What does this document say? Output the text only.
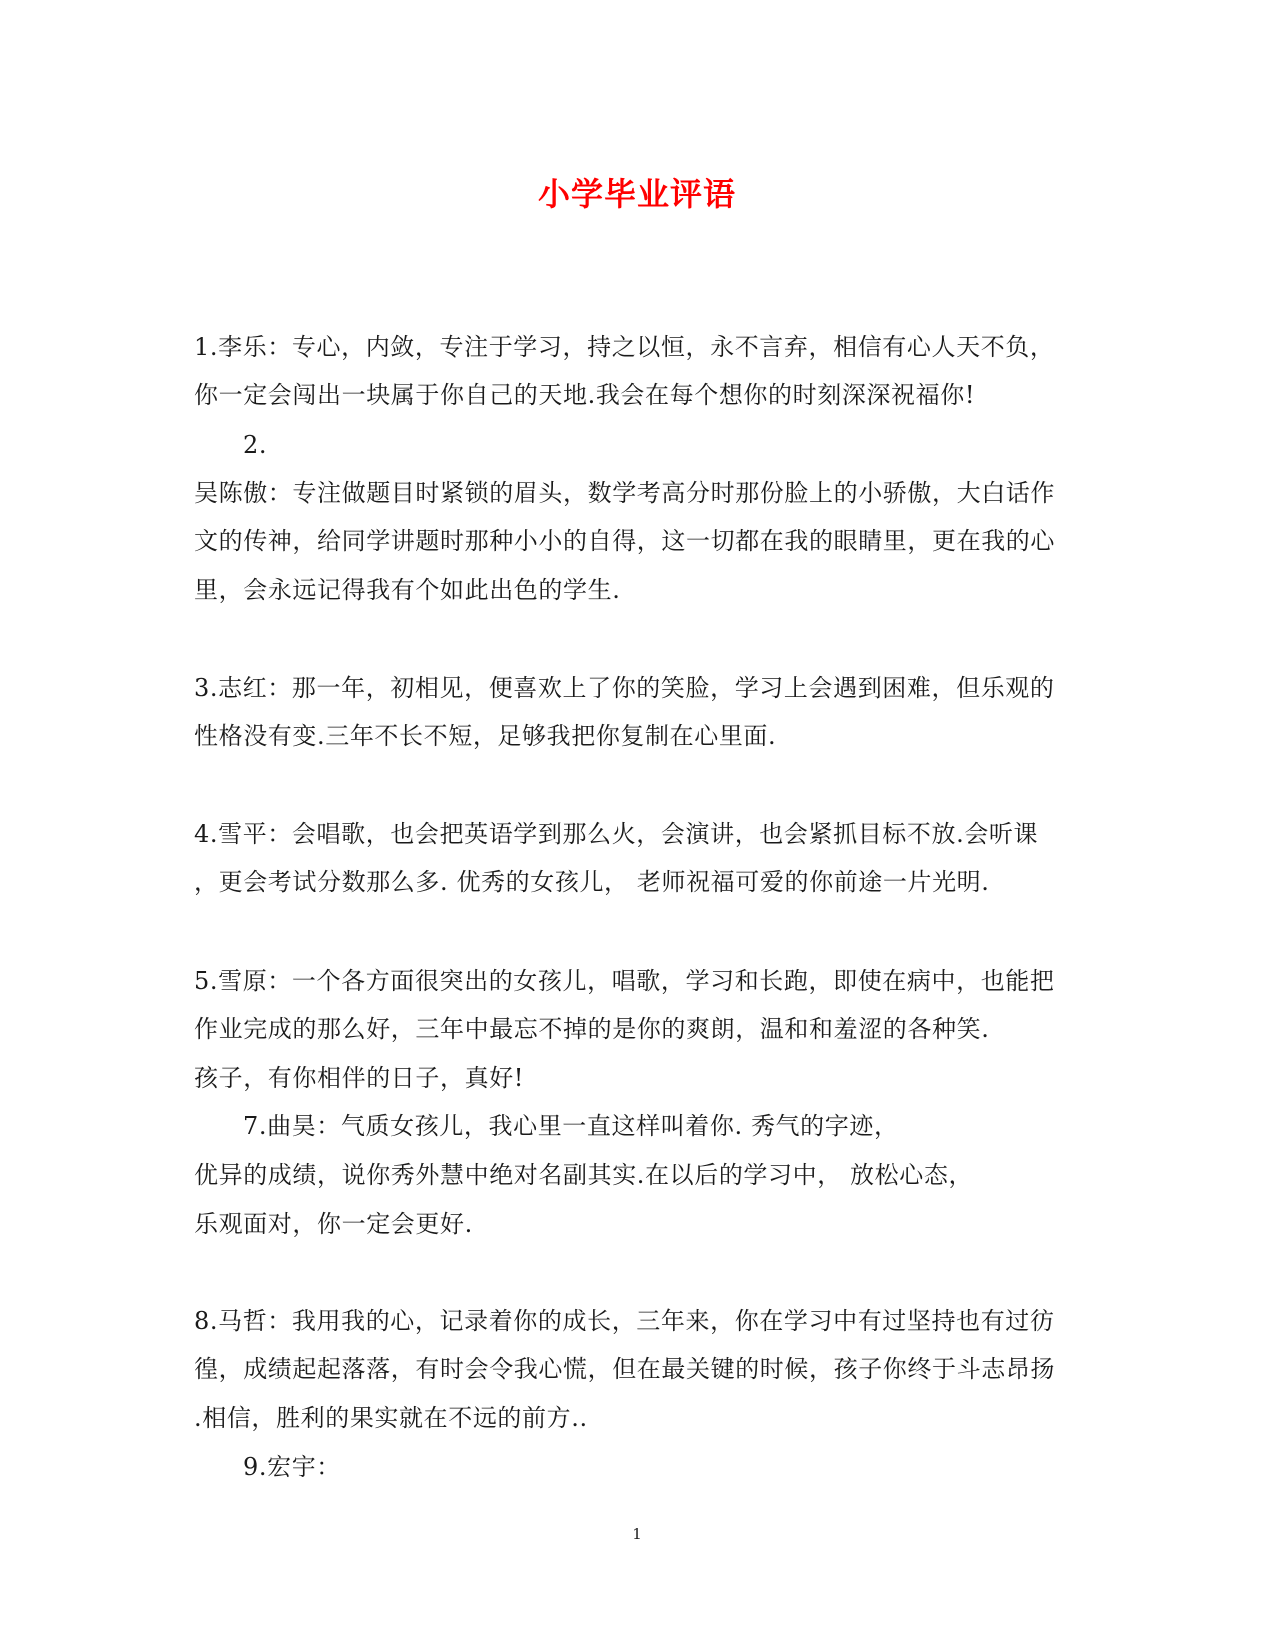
小学毕业评语
1.李乐：专心，内敛，专注于学习，持之以恒，永不言弃，相信有心人天不负，
你一定会闯出一块属于你自己的天地.我会在每个想你的时刻深深祝福你!
2.
吴陈傲：专注做题目时紧锁的眉头，数学考高分时那份脸上的小骄傲，大白话作
文的传神，给同学讲题时那种小小的自得，这一切都在我的眼睛里，更在我的心
里，会永远记得我有个如此出色的学生.
3.志红：那一年，初相见，便喜欢上了你的笑脸，学习上会遇到困难，但乐观的
性格没有变.三年不长不短，足够我把你复制在心里面.
4.雪平：会唱歌，也会把英语学到那么火，会演讲，也会紧抓目标不放.会听课
，更会考试分数那么多. 优秀的女孩儿， 老师祝福可爱的你前途一片光明.
5.雪原：一个各方面很突出的女孩儿，唱歌，学习和长跑，即使在病中，也能把
作业完成的那么好，三年中最忘不掉的是你的爽朗，温和和羞涩的各种笑.
孩子，有你相伴的日子，真好!
7.曲昊：气质女孩儿，我心里一直这样叫着你. 秀气的字迹，
优异的成绩，说你秀外慧中绝对名副其实.在以后的学习中， 放松心态，
乐观面对，你一定会更好.
8.马哲：我用我的心，记录着你的成长，三年来，你在学习中有过坚持也有过彷
徨，成绩起起落落，有时会令我心慌，但在最关键的时候，孩子你终于斗志昂扬
.相信，胜利的果实就在不远的前方..
9.宏宇：
1
